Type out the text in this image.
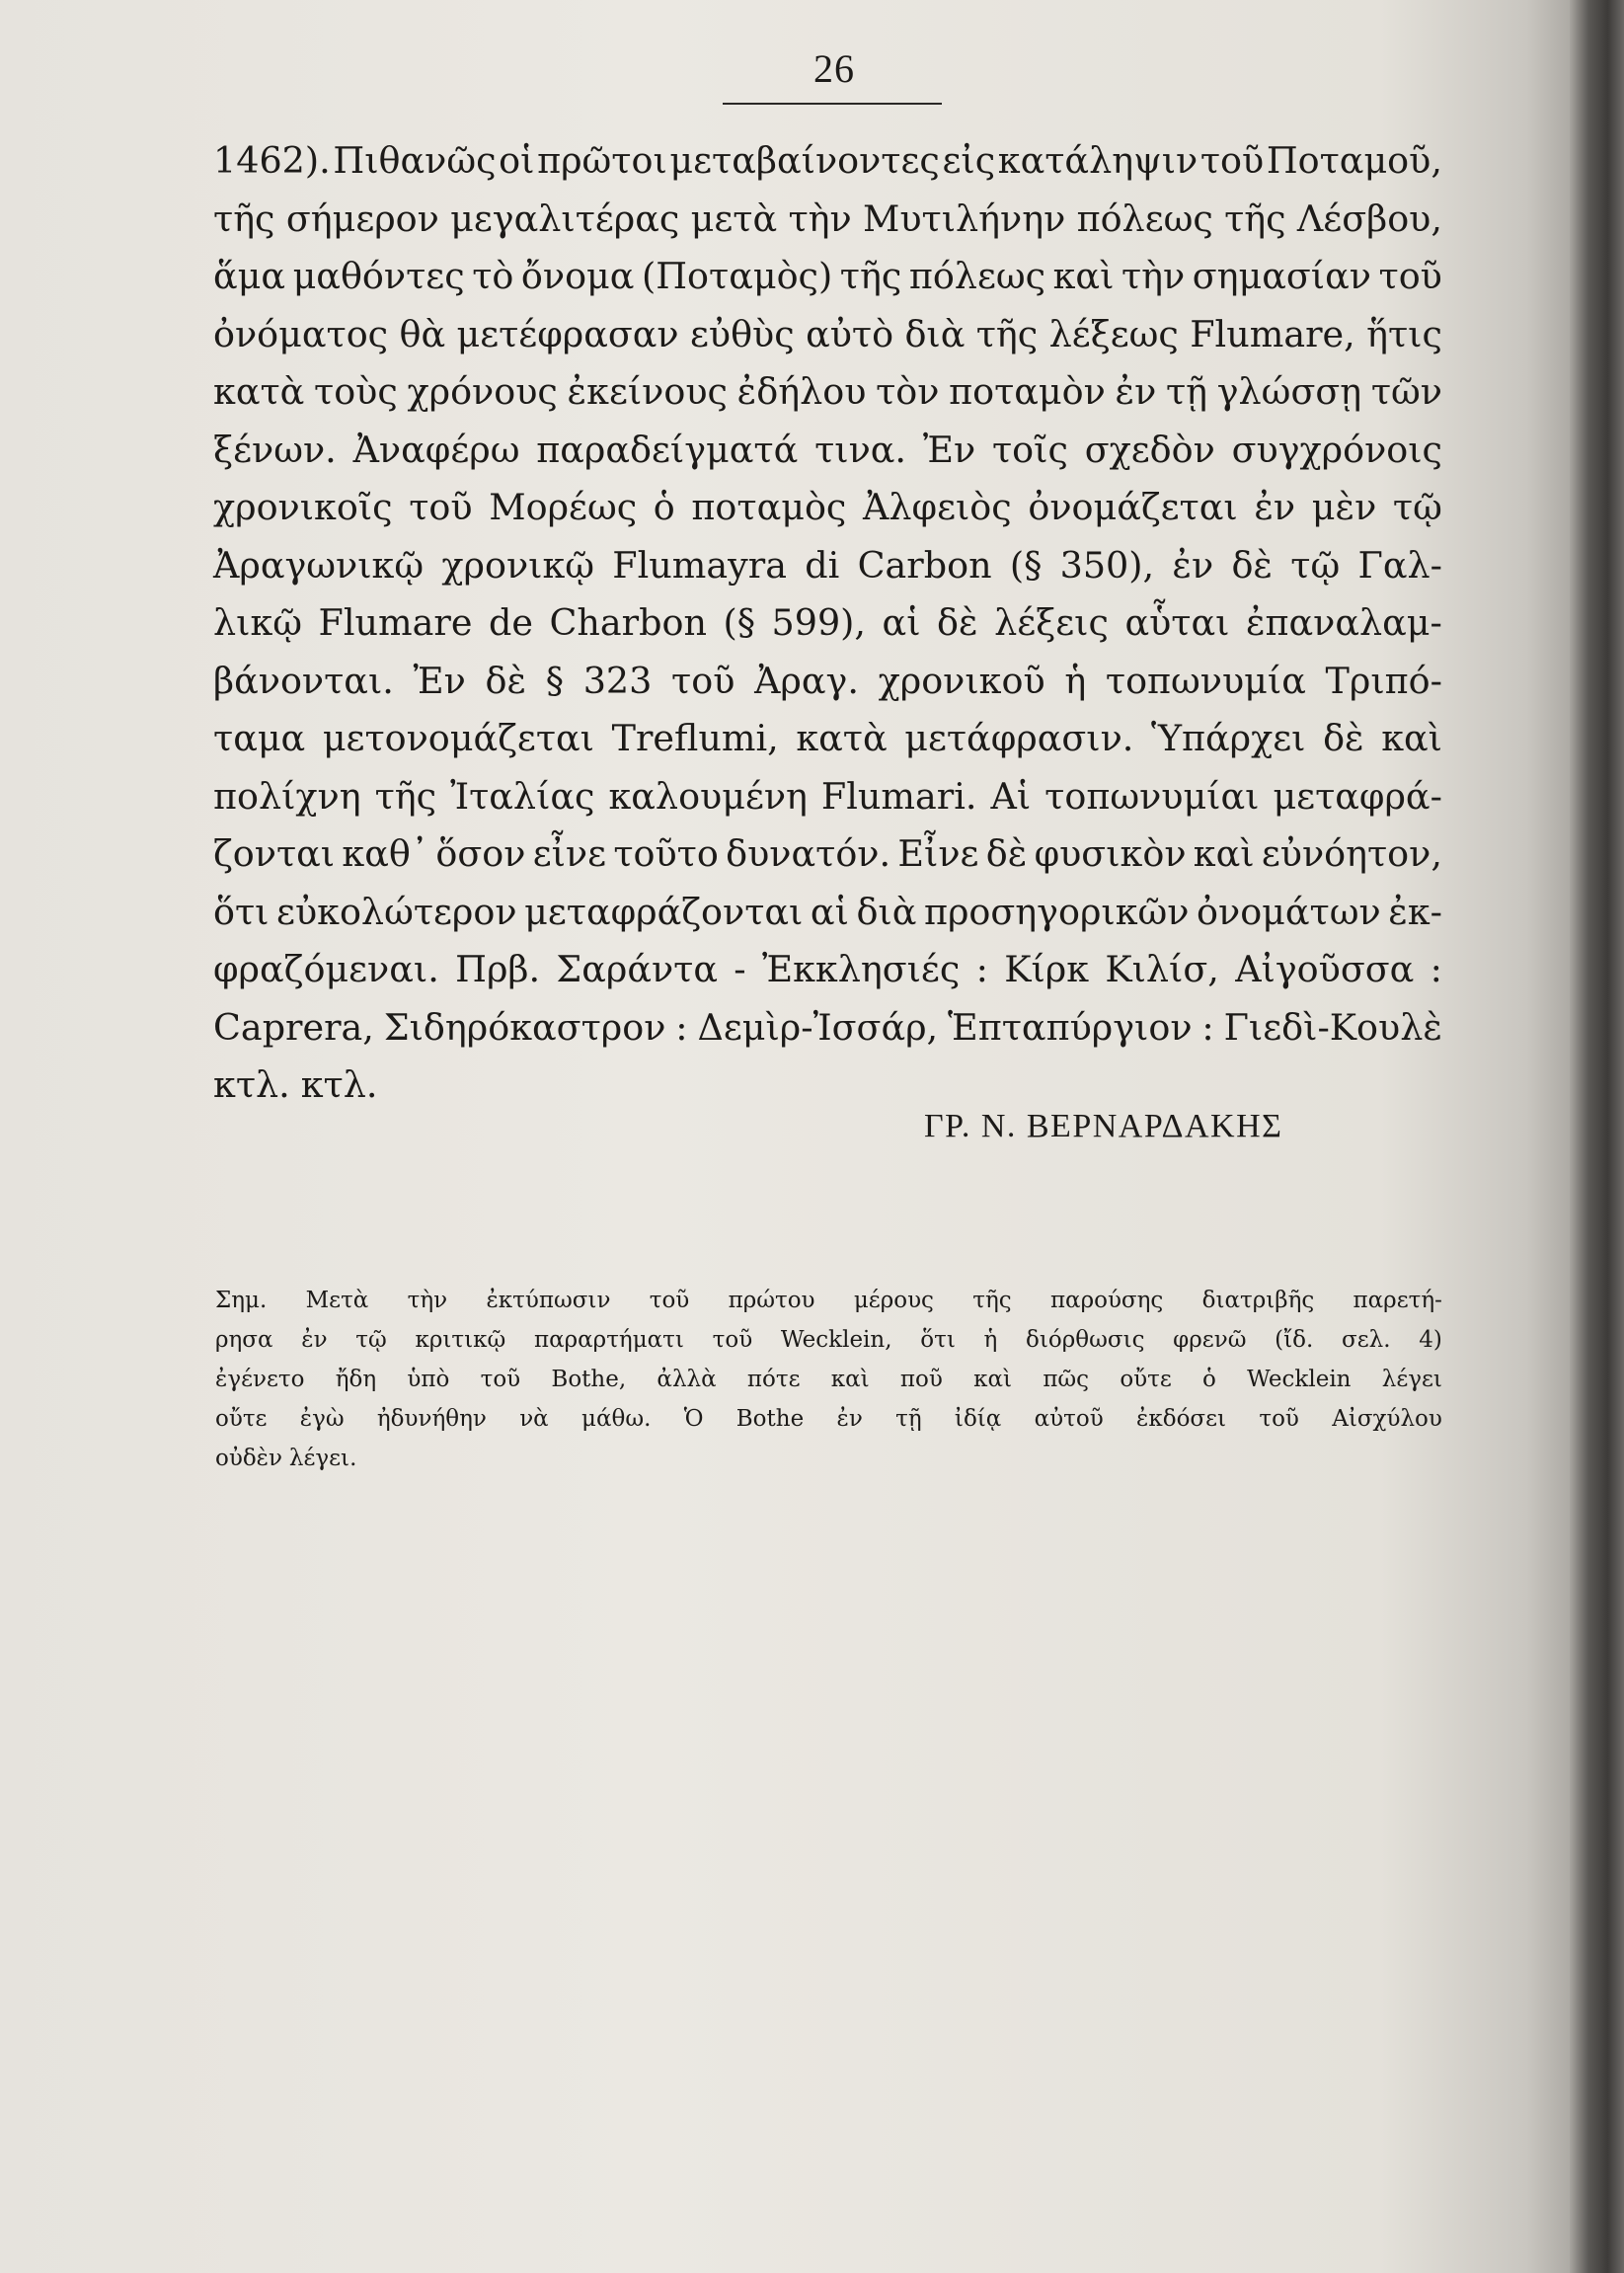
26
1462). Πιθανῶς οἱ πρῶτοι μεταβαίνοντες εἰς κατάληψιν τοῦ Ποταμοῦ,
τῆς σήμερον μεγαλιτέρας μετὰ τὴν Μυτιλήνην πόλεως τῆς Λέσβου,
ἅμα μαθόντες τὸ ὄνομα (Ποταμὸς) τῆς πόλεως καὶ τὴν σημασίαν τοῦ
ὀνόματος θὰ μετέφρασαν εὐθὺς αὐτὸ διὰ τῆς λέξεως Flumare, ἥτις
κατὰ τοὺς χρόνους ἐκείνους ἐδήλου τὸν ποταμὸν ἐν τῇ γλώσσῃ τῶν
ξένων. Ἀναφέρω παραδείγματά τινα. Ἐν τοῖς σχεδὸν συγχρόνοις
χρονικοῖς τοῦ Μορέως ὁ ποταμὸς Ἀλφειὸς ὀνομάζεται ἐν μὲν τῷ
Ἀραγωνικῷ χρονικῷ Flumayra di Carbon (§ 350), ἐν δὲ τῷ Γαλ-
λικῷ Flumare de Charbon (§ 599), αἱ δὲ λέξεις αὗται ἐπαναλαμ-
βάνονται. Ἐν δὲ § 323 τοῦ Ἀραγ. χρονικοῦ ἡ τοπωνυμία Τριπό-
ταμα μετονομάζεται Treflumi, κατὰ μετάφρασιν. Ὑπάρχει δὲ καὶ
πολίχνη τῆς Ἰταλίας καλουμένη Flumari. Αἱ τοπωνυμίαι μεταφρά-
ζονται καθ᾽ ὅσον εἶνε τοῦτο δυνατόν. Εἶνε δὲ φυσικὸν καὶ εὐνόητον,
ὅτι εὐκολώτερον μεταφράζονται αἱ διὰ προσηγορικῶν ὀνομάτων ἐκ-
φραζόμεναι. Πρβ. Σαράντα - Ἐκκλησιές : Κίρκ Κιλίσ, Αἰγοῦσσα :
Caprera, Σιδηρόκαστρον : Δεμὶρ-Ἰσσάρ, Ἑπταπύργιον : Γιεδὶ-Κουλὲ
κτλ. κτλ.
ΓΡ. Ν. ΒΕΡΝΑΡΔΑΚΗΣ
Σημ. Μετὰ τὴν ἐκτύπωσιν τοῦ πρώτου μέρους τῆς παρούσης διατριβῆς παρετή-
ρησα ἐν τῷ κριτικῷ παραρτήματι τοῦ Wecklein, ὅτι ἡ διόρθωσις φρενῶ (ἴδ. σελ. 4)
ἐγένετο ἤδη ὑπὸ τοῦ Bothe, ἀλλὰ πότε καὶ ποῦ καὶ πῶς οὔτε ὁ Wecklein λέγει
οὔτε ἐγὼ ἠδυνήθην νὰ μάθω. Ὁ Bothe ἐν τῇ ἰδίᾳ αὐτοῦ ἐκδόσει τοῦ Αἰσχύλου
οὐδὲν λέγει.
